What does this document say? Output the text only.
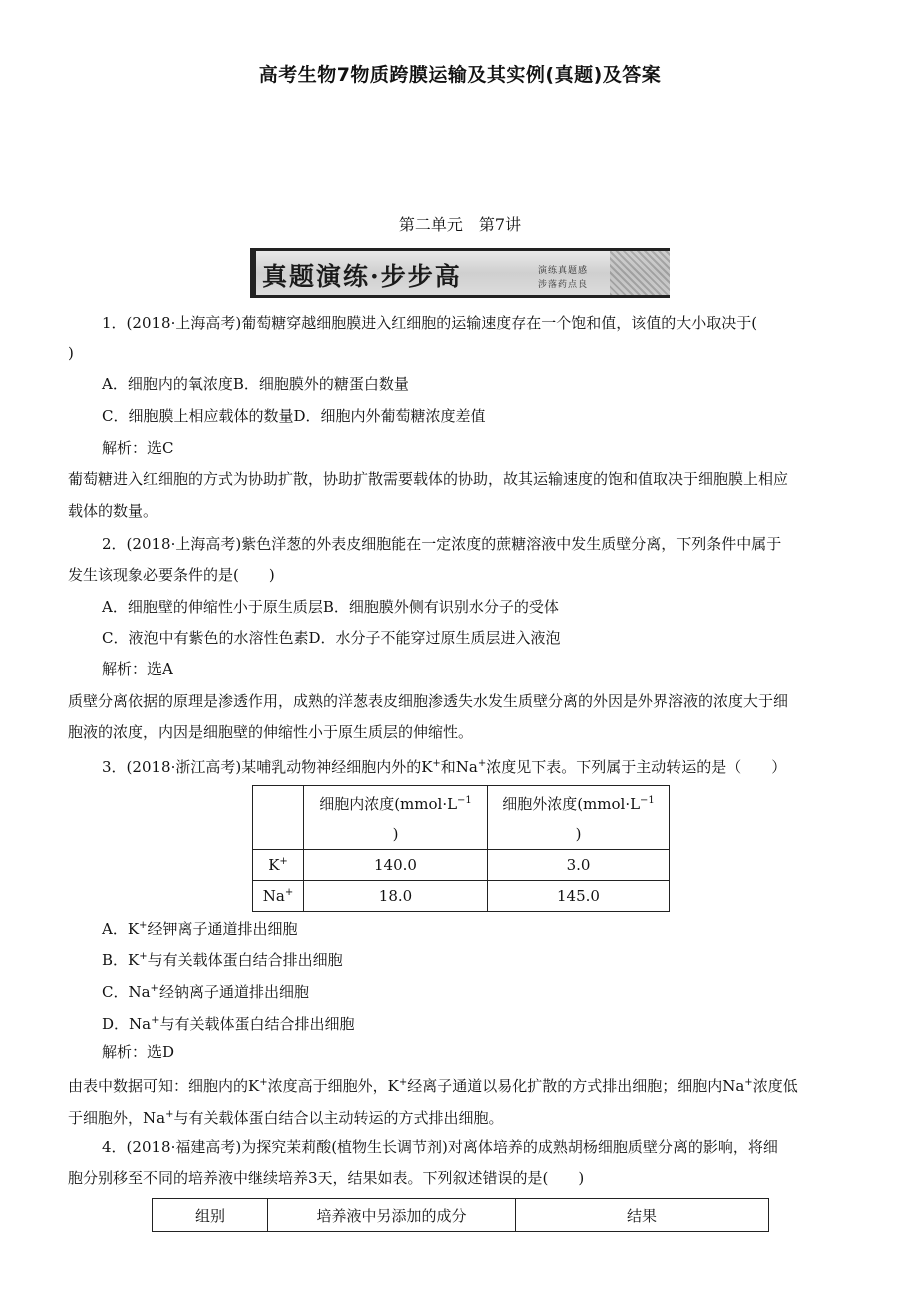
高考生物7物质跨膜运输及其实例(真题)及答案
第二单元　第7讲
真题演练·步步高	演练真题感
涉落药点良
1．(2018·上海高考)葡萄糖穿越细胞膜进入红细胞的运输速度存在一个饱和值，该值的大小取决于(
)
A．细胞内的氧浓度B．细胞膜外的糖蛋白数量
C．细胞膜上相应载体的数量D．细胞内外葡萄糖浓度差值
解析：选C
葡萄糖进入红细胞的方式为协助扩散，协助扩散需要载体的协助，故其运输速度的饱和值取决于细胞膜上相应
载体的数量。
2．(2018·上海高考)紫色洋葱的外表皮细胞能在一定浓度的蔗糖溶液中发生质壁分离，下列条件中属于
发生该现象必要条件的是(　　)
A．细胞壁的伸缩性小于原生质层B．细胞膜外侧有识别水分子的受体
C．液泡中有紫色的水溶性色素D．水分子不能穿过原生质层进入液泡
解析：选A
质壁分离依据的原理是渗透作用，成熟的洋葱表皮细胞渗透失水发生质壁分离的外因是外界溶液的浓度大于细
胞液的浓度，内因是细胞壁的伸缩性小于原生质层的伸缩性。
3．(2018·浙江高考)某哺乳动物神经细胞内外的K+和Na+浓度见下表。下列属于主动转运的是（　　）
	细胞内浓度($mmol\cdot L^{-1}$
)	细胞外浓度($mmol\cdot L^{-1}$
)
K+	140.0	3.0
Na+	18.0	145.0
A．K+经钾离子通道排出细胞
B．K+与有关载体蛋白结合排出细胞
C．Na+经钠离子通道排出细胞
D．Na+与有关载体蛋白结合排出细胞
解析：选D
由表中数据可知：细胞内的K+浓度高于细胞外，K+经离子通道以易化扩散的方式排出细胞；细胞内Na+浓度低
于细胞外，Na+与有关载体蛋白结合以主动转运的方式排出细胞。
4．(2018·福建高考)为探究茉莉酸(植物生长调节剂)对离体培养的成熟胡杨细胞质壁分离的影响，将细
胞分别移至不同的培养液中继续培养3天，结果如表。下列叙述错误的是(　　)
组别	培养液中另添加的成分	结果
